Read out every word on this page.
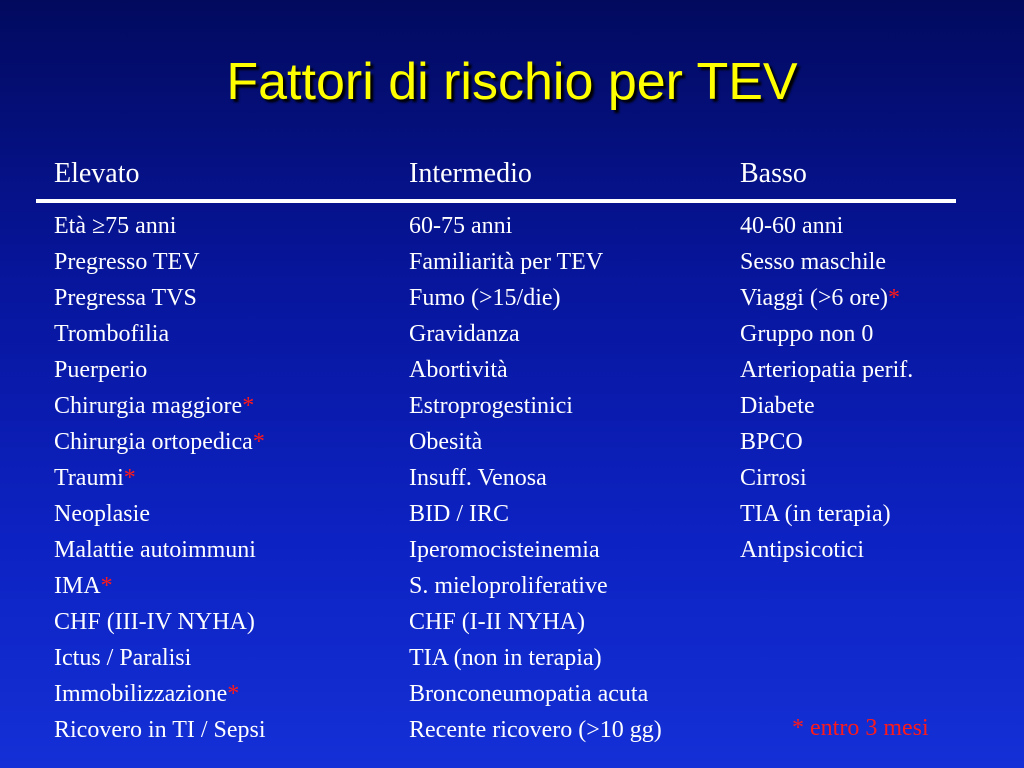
Fattori di rischio per TEV
Elevato	Intermedio	Basso
Età ≥75 anni
Pregresso TEV
Pregressa TVS
Trombofilia
Puerperio
Chirurgia maggiore*
Chirurgia ortopedica*
Traumi*
Neoplasie
Malattie autoimmuni
IMA*
CHF (III-IV NYHA)
Ictus / Paralisi
Immobilizzazione*
Ricovero in TI / Sepsi
60-75 anni
Familiarità per TEV
Fumo (>15/die)
Gravidanza
Abortività
Estroprogestinici
Obesità
Insuff. Venosa
BID / IRC
Iperomocisteinemia
S. mieloproliferative
CHF (I-II NYHA)
TIA (non in terapia)
Bronconeumopatia acuta
Recente ricovero (>10 gg)
40-60 anni
Sesso maschile
Viaggi (>6 ore)*
Gruppo non 0
Arteriopatia perif.
Diabete
BPCO
Cirrosi
TIA (in terapia)
Antipsicotici
* entro 3 mesi
